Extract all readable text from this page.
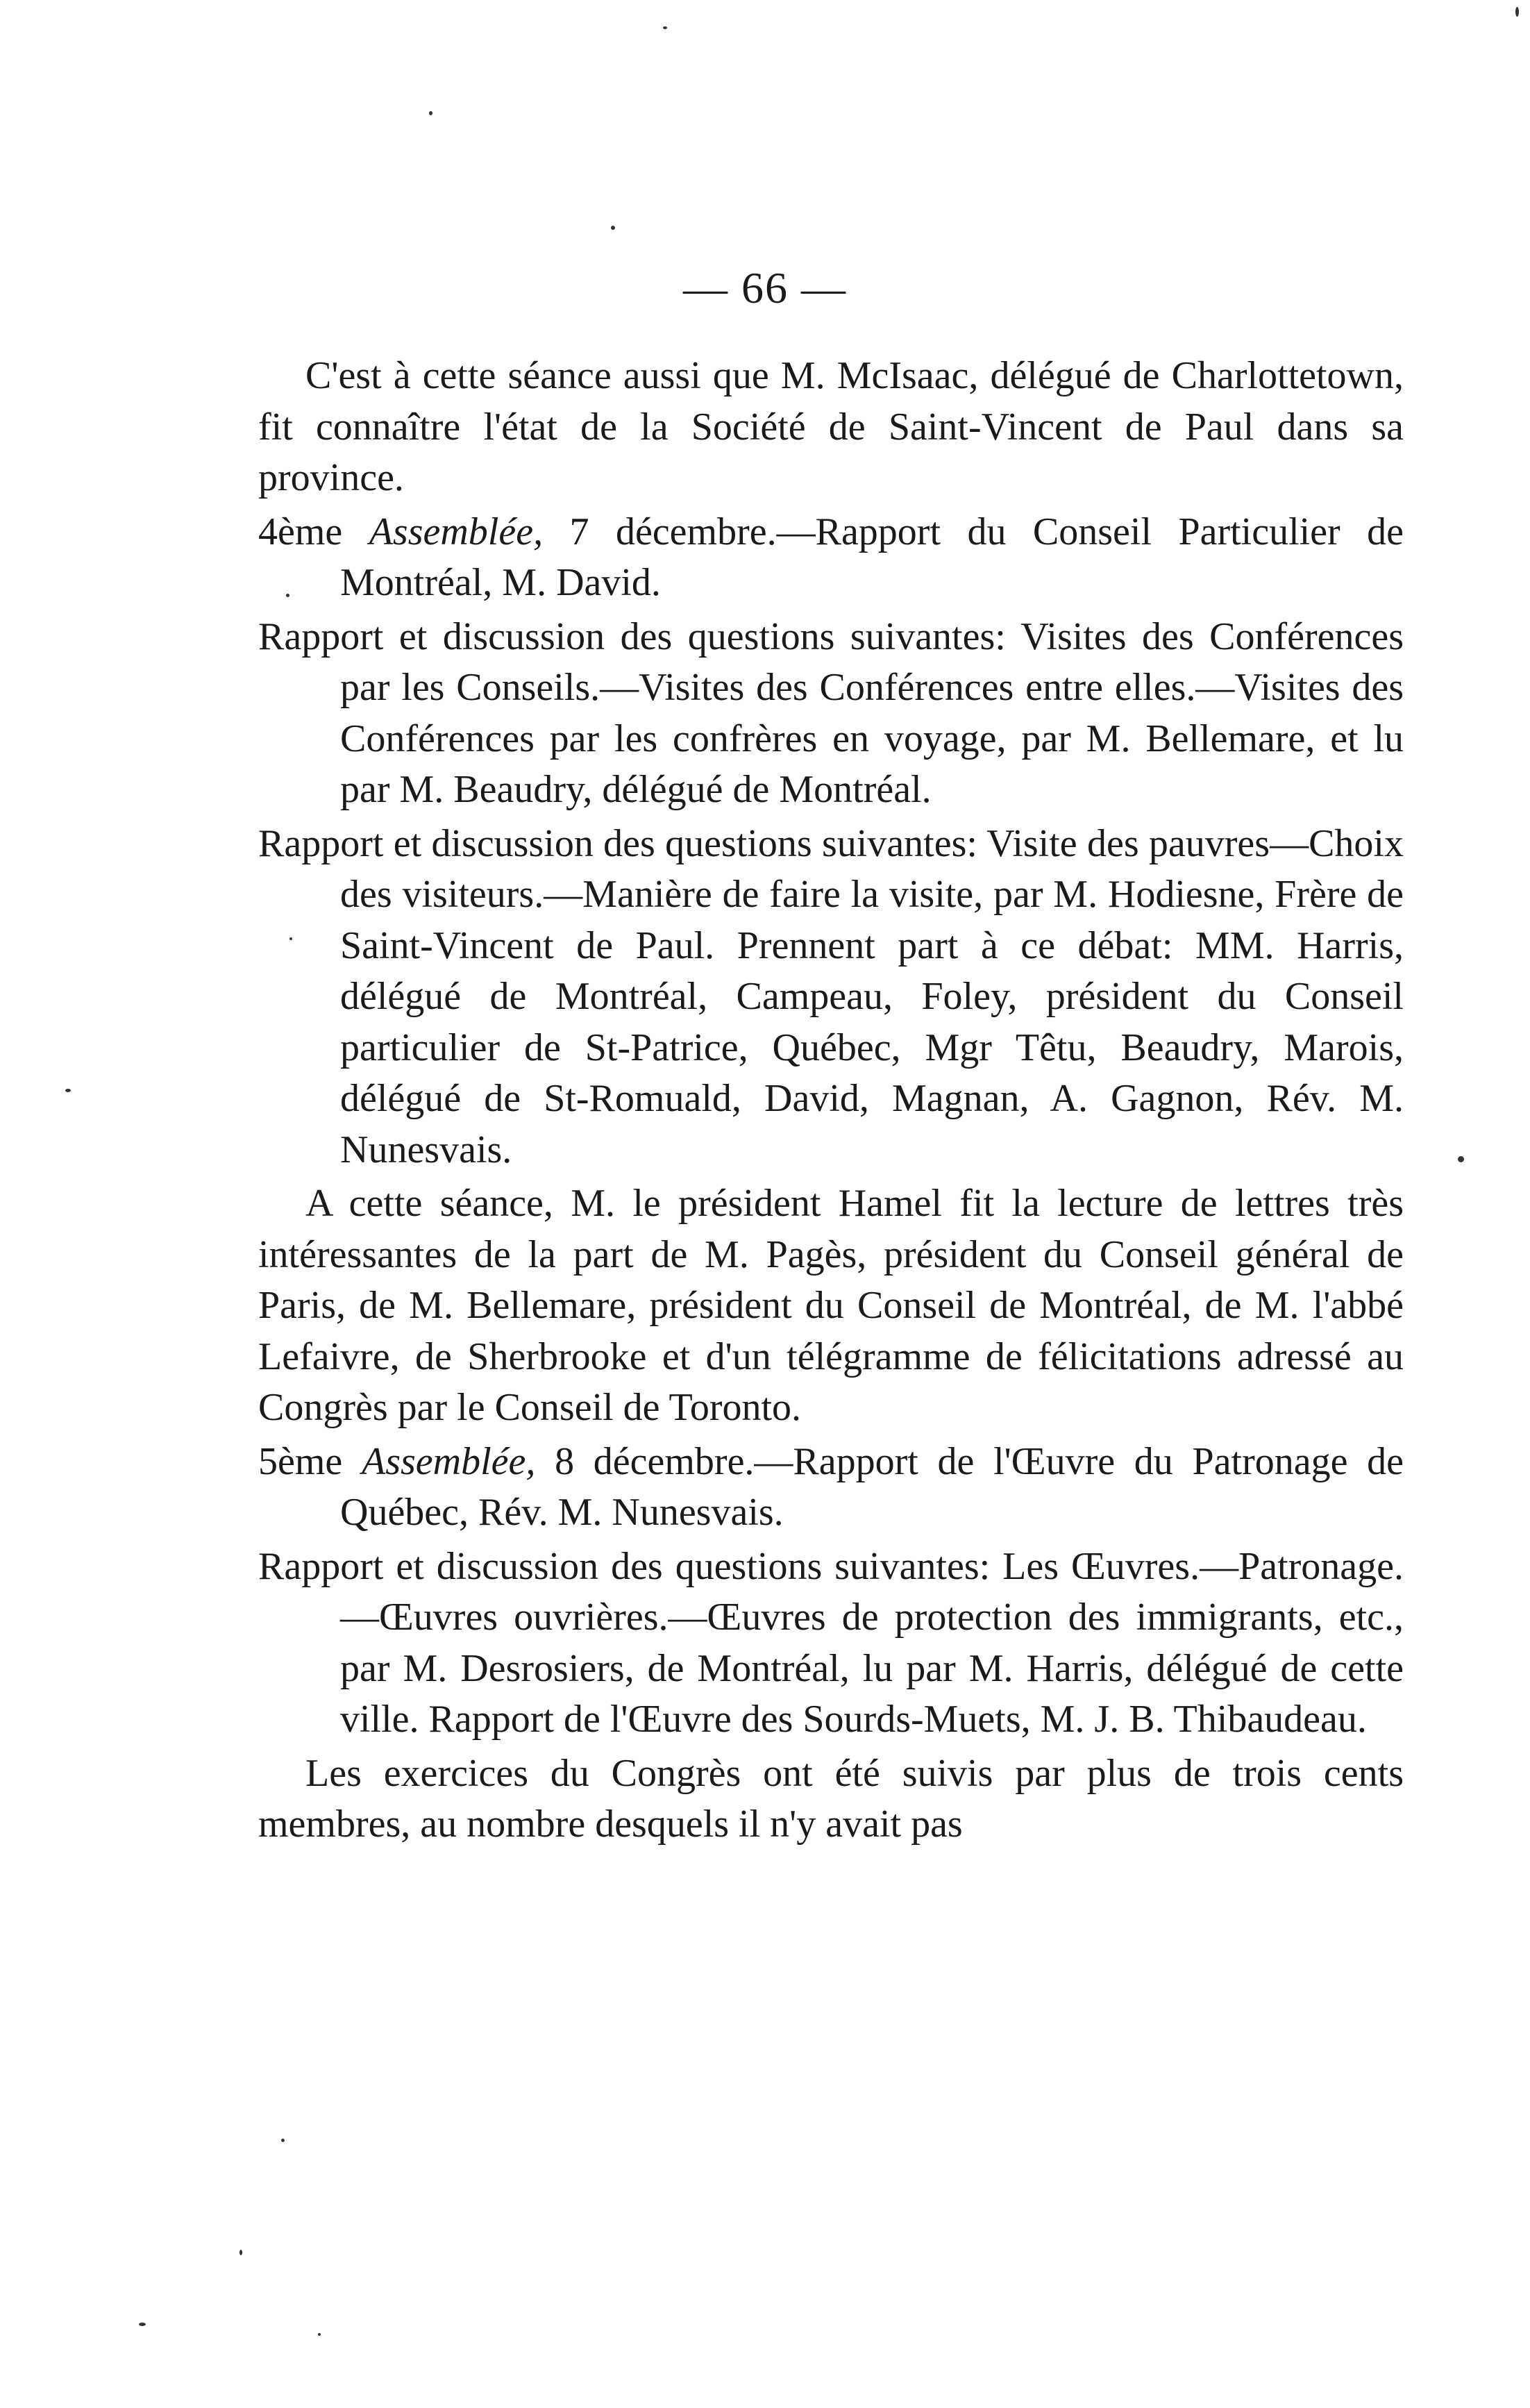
— 66 —

C'est à cette séance aussi que M. McIsaac, délégué de Charlottetown, fit connaître l'état de la Société de Saint-Vincent de Paul dans sa province.

4ème Assemblée, 7 décembre.—Rapport du Conseil Particulier de Montréal, M. David.

Rapport et discussion des questions suivantes: Visites des Conférences par les Conseils.—Visites des Conférences entre elles.—Visites des Conférences par les confrères en voyage, par M. Bellemare, et lu par M. Beaudry, délégué de Montréal.

Rapport et discussion des questions suivantes: Visite des pauvres—Choix des visiteurs.—Manière de faire la visite, par M. Hodiesne, Frère de Saint-Vincent de Paul. Prennent part à ce débat: MM. Harris, délégué de Montréal, Campeau, Foley, président du Conseil particulier de St-Patrice, Québec, Mgr Têtu, Beaudry, Marois, délégué de St-Romuald, David, Magnan, A. Gagnon, Rév. M. Nunesvais.

A cette séance, M. le président Hamel fit la lecture de lettres très intéressantes de la part de M. Pagès, président du Conseil général de Paris, de M. Bellemare, président du Conseil de Montréal, de M. l'abbé Lefaivre, de Sherbrooke et d'un télégramme de félicitations adressé au Congrès par le Conseil de Toronto.

5ème Assemblée, 8 décembre.—Rapport de l'Œuvre du Patronage de Québec, Rév. M. Nunesvais.

Rapport et discussion des questions suivantes: Les Œuvres.—Patronage.—Œuvres ouvrières.—Œuvres de protection des immigrants, etc., par M. Desrosiers, de Montréal, lu par M. Harris, délégué de cette ville. Rapport de l'Œuvre des Sourds-Muets, M. J. B. Thibaudeau.

Les exercices du Congrès ont été suivis par plus de trois cents membres, au nombre desquels il n'y avait pas
